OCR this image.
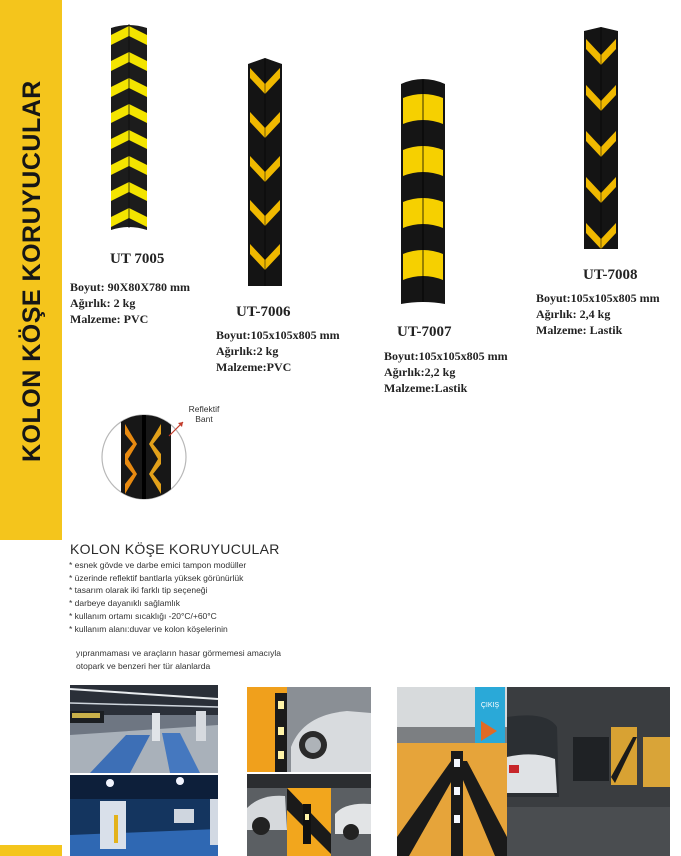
KOLON KÖŞE KORUYUCULAR	UT 7005
Boyut: 90X80X780 mm
Ağırlık: 2 kg
Malzeme: PVC	UT-7006
Boyut:105x105x805 mm
Ağırlık:2 kg
Malzeme:PVC
UT-7007
Boyut:105x105x805 mm
Ağırlık:2,2 kg
Malzeme:Lastik
UT-7008
Boyut:105x105x805 mm
Ağırlık: 2,4 kg
Malzeme: Lastik
Reflektif
Bant
KOLON KÖŞE KORUYUCULAR
* esnek gövde ve darbe emici tampon modüller
* üzerinde reflektif bantlarla yüksek görünürlük
* tasarım olarak iki farklı tip seçeneği
* darbeye dayanıklı sağlamlık
* kullanım ortamı sıcaklığı -20°C/+60°C
* kullanım alanı:duvar ve kolon köşelerinin
yıpranmaması ve araçların hasar görmemesi amacıyla
otopark ve benzeri her tür alanlarda
ÇIKIŞ
